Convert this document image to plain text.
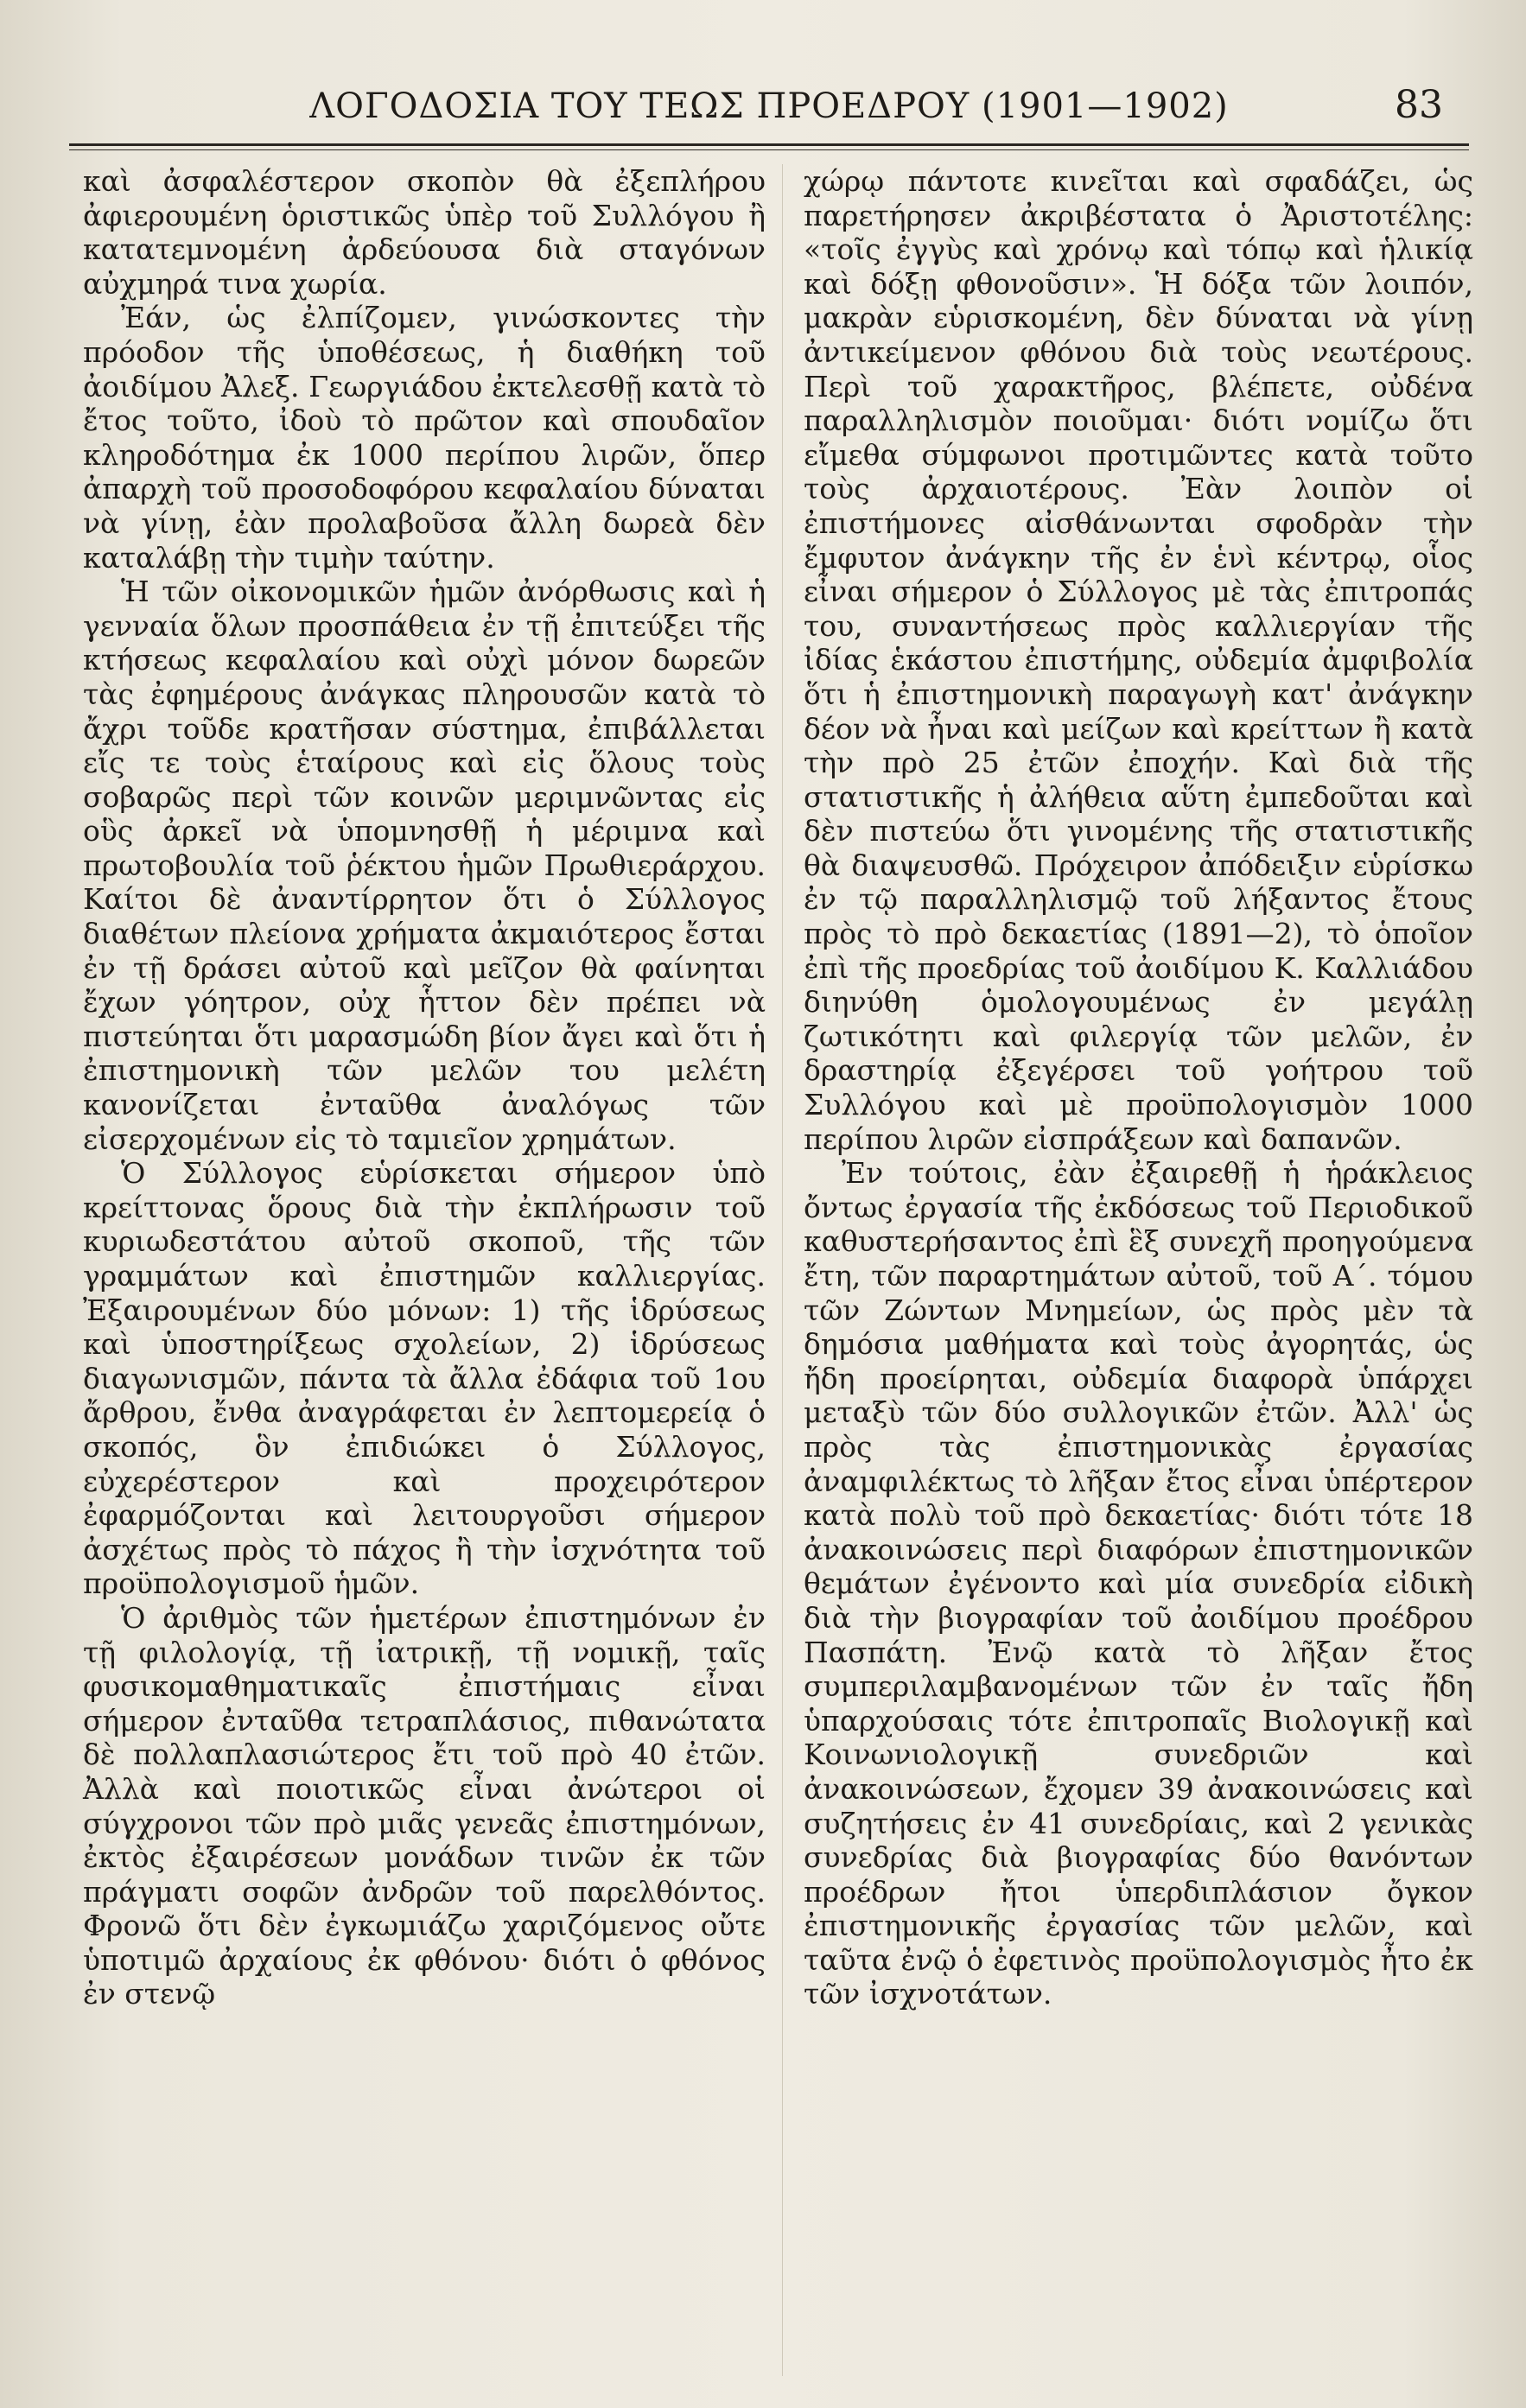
ΛΟΓΟΔΟΣΙΑ ΤΟΥ ΤΕΩΣ ΠΡΟΕΔΡΟΥ (1901—1902)	83

καὶ ἀσφαλέστερον σκοπὸν θὰ ἐξεπλήρου ἀφιερουμένη ὁριστικῶς ὑπὲρ τοῦ Συλλόγου ἢ κατατεμνομένη ἀρδεύουσα διὰ σταγόνων αὐχμηρά τινα χωρία.

Ἐάν, ὡς ἐλπίζομεν, γινώσκοντες τὴν πρόοδον τῆς ὑποθέσεως, ἡ διαθήκη τοῦ ἀοιδίμου Ἀλεξ. Γεωργιάδου ἐκτελεσθῇ κατὰ τὸ ἔτος τοῦτο, ἰδοὺ τὸ πρῶτον καὶ σπουδαῖον κληροδότημα ἐκ 1000 περίπου λιρῶν, ὅπερ ἀπαρχὴ τοῦ προσοδοφόρου κεφαλαίου δύναται νὰ γίνῃ, ἐὰν προλαβοῦσα ἄλλη δωρεὰ δὲν καταλάβῃ τὴν τιμὴν ταύτην.

Ἡ τῶν οἰκονομικῶν ἡμῶν ἀνόρθωσις καὶ ἡ γενναία ὅλων προσπάθεια ἐν τῇ ἐπιτεύξει τῆς κτήσεως κεφαλαίου καὶ οὐχὶ μόνον δωρεῶν τὰς ἐφημέρους ἀνάγκας πληρουσῶν κατὰ τὸ ἄχρι τοῦδε κρατῆσαν σύστημα, ἐπιβάλλεται εἴς τε τοὺς ἑταίρους καὶ εἰς ὅλους τοὺς σοβαρῶς περὶ τῶν κοινῶν μεριμνῶντας εἰς οὓς ἀρκεῖ νὰ ὑπομνησθῇ ἡ μέριμνα καὶ πρωτοβουλία τοῦ ῥέκτου ἡμῶν Πρωθιεράρχου. Καίτοι δὲ ἀναντίρρητον ὅτι ὁ Σύλλογος διαθέτων πλείονα χρήματα ἀκμαιότερος ἔσται ἐν τῇ δράσει αὐτοῦ καὶ μεῖζον θὰ φαίνηται ἔχων γόητρον, οὐχ ἧττον δὲν πρέπει νὰ πιστεύηται ὅτι μαρασμώδη βίον ἄγει καὶ ὅτι ἡ ἐπιστημονικὴ τῶν μελῶν του μελέτη κανονίζεται ἐνταῦθα ἀναλόγως τῶν εἰσερχομένων εἰς τὸ ταμιεῖον χρημάτων.

Ὁ Σύλλογος εὑρίσκεται σήμερον ὑπὸ κρείττονας ὅρους διὰ τὴν ἐκπλήρωσιν τοῦ κυριωδεστάτου αὐτοῦ σκοποῦ, τῆς τῶν γραμμάτων καὶ ἐπιστημῶν καλλιεργίας. Ἐξαιρουμένων δύο μόνων: 1) τῆς ἱδρύσεως καὶ ὑποστηρίξεως σχολείων, 2) ἱδρύσεως διαγωνισμῶν, πάντα τὰ ἄλλα ἐδάφια τοῦ 1ου ἄρθρου, ἔνθα ἀναγράφεται ἐν λεπτομερείᾳ ὁ σκοπός, ὃν ἐπιδιώκει ὁ Σύλλογος, εὐχερέστερον καὶ προχειρότερον ἐφαρμόζονται καὶ λειτουργοῦσι σήμερον ἀσχέτως πρὸς τὸ πάχος ἢ τὴν ἰσχνότητα τοῦ προϋπολογισμοῦ ἡμῶν.

Ὁ ἀριθμὸς τῶν ἡμετέρων ἐπιστημόνων ἐν τῇ φιλολογίᾳ, τῇ ἰατρικῇ, τῇ νομικῇ, ταῖς φυσικομαθηματικαῖς ἐπιστήμαις εἶναι σήμερον ἐνταῦθα τετραπλάσιος, πιθανώτατα δὲ πολλαπλασιώτερος ἔτι τοῦ πρὸ 40 ἐτῶν. Ἀλλὰ καὶ ποιοτικῶς εἶναι ἀνώτεροι οἱ σύγχρονοι τῶν πρὸ μιᾶς γενεᾶς ἐπιστημόνων, ἐκτὸς ἐξαιρέσεων μονάδων τινῶν ἐκ τῶν πράγματι σοφῶν ἀνδρῶν τοῦ παρελθόντος. Φρονῶ ὅτι δὲν ἐγκωμιάζω χαριζόμενος οὔτε ὑποτιμῶ ἀρχαίους ἐκ φθόνου· διότι ὁ φθόνος ἐν στενῷ

χώρῳ πάντοτε κινεῖται καὶ σφαδάζει, ὡς παρετήρησεν ἀκριβέστατα ὁ Ἀριστοτέλης: «τοῖς ἐγγὺς καὶ χρόνῳ καὶ τόπῳ καὶ ἡλικίᾳ καὶ δόξῃ φθονοῦσιν». Ἡ δόξα τῶν λοιπόν, μακρὰν εὑρισκομένη, δὲν δύναται νὰ γίνῃ ἀντικείμενον φθόνου διὰ τοὺς νεωτέρους. Περὶ τοῦ χαρακτῆρος, βλέπετε, οὐδένα παραλληλισμὸν ποιοῦμαι· διότι νομίζω ὅτι εἴμεθα σύμφωνοι προτιμῶντες κατὰ τοῦτο τοὺς ἀρχαιοτέρους. Ἐὰν λοιπὸν οἱ ἐπιστήμονες αἰσθάνωνται σφοδρὰν τὴν ἔμφυτον ἀνάγκην τῆς ἐν ἑνὶ κέντρῳ, οἷος εἶναι σήμερον ὁ Σύλλογος μὲ τὰς ἐπιτροπάς του, συναντήσεως πρὸς καλλιεργίαν τῆς ἰδίας ἑκάστου ἐπιστήμης, οὐδεμία ἀμφιβολία ὅτι ἡ ἐπιστημονικὴ παραγωγὴ κατ' ἀνάγκην δέον νὰ ἦναι καὶ μείζων καὶ κρείττων ἢ κατὰ τὴν πρὸ 25 ἐτῶν ἐποχήν. Καὶ διὰ τῆς στατιστικῆς ἡ ἀλήθεια αὕτη ἐμπεδοῦται καὶ δὲν πιστεύω ὅτι γινομένης τῆς στατιστικῆς θὰ διαψευσθῶ. Πρόχειρον ἀπόδειξιν εὑρίσκω ἐν τῷ παραλληλισμῷ τοῦ λήξαντος ἔτους πρὸς τὸ πρὸ δεκαετίας (1891—2), τὸ ὁποῖον ἐπὶ τῆς προεδρίας τοῦ ἀοιδίμου Κ. Καλλιάδου διηνύθη ὁμολογουμένως ἐν μεγάλῃ ζωτικότητι καὶ φιλεργίᾳ τῶν μελῶν, ἐν δραστηρίᾳ ἐξεγέρσει τοῦ γοήτρου τοῦ Συλλόγου καὶ μὲ προϋπολογισμὸν 1000 περίπου λιρῶν εἰσπράξεων καὶ δαπανῶν.

Ἐν τούτοις, ἐὰν ἐξαιρεθῇ ἡ ἡράκλειος ὄντως ἐργασία τῆς ἐκδόσεως τοῦ Περιοδικοῦ καθυστερήσαντος ἐπὶ ἓξ συνεχῆ προηγούμενα ἔτη, τῶν παραρτημάτων αὐτοῦ, τοῦ Α΄. τόμου τῶν Ζώντων Μνημείων, ὡς πρὸς μὲν τὰ δημόσια μαθήματα καὶ τοὺς ἀγορητάς, ὡς ἤδη προείρηται, οὐδεμία διαφορὰ ὑπάρχει μεταξὺ τῶν δύο συλλογικῶν ἐτῶν. Ἀλλ' ὡς πρὸς τὰς ἐπιστημονικὰς ἐργασίας ἀναμφιλέκτως τὸ λῆξαν ἔτος εἶναι ὑπέρτερον κατὰ πολὺ τοῦ πρὸ δεκαετίας· διότι τότε 18 ἀνακοινώσεις περὶ διαφόρων ἐπιστημονικῶν θεμάτων ἐγένοντο καὶ μία συνεδρία εἰδικὴ διὰ τὴν βιογραφίαν τοῦ ἀοιδίμου προέδρου Πασπάτη. Ἐνῷ κατὰ τὸ λῆξαν ἔτος συμπεριλαμβανομένων τῶν ἐν ταῖς ἤδη ὑπαρχούσαις τότε ἐπιτροπαῖς Βιολογικῇ καὶ Κοινωνιολογικῇ συνεδριῶν καὶ ἀνακοινώσεων, ἔχομεν 39 ἀνακοινώσεις καὶ συζητήσεις ἐν 41 συνεδρίαις, καὶ 2 γενικὰς συνεδρίας διὰ βιογραφίας δύο θανόντων προέδρων ἤτοι ὑπερδιπλάσιον ὄγκον ἐπιστημονικῆς ἐργασίας τῶν μελῶν, καὶ ταῦτα ἐνῷ ὁ ἐφετινὸς προϋπολογισμὸς ἦτο ἐκ τῶν ἰσχνοτάτων.
